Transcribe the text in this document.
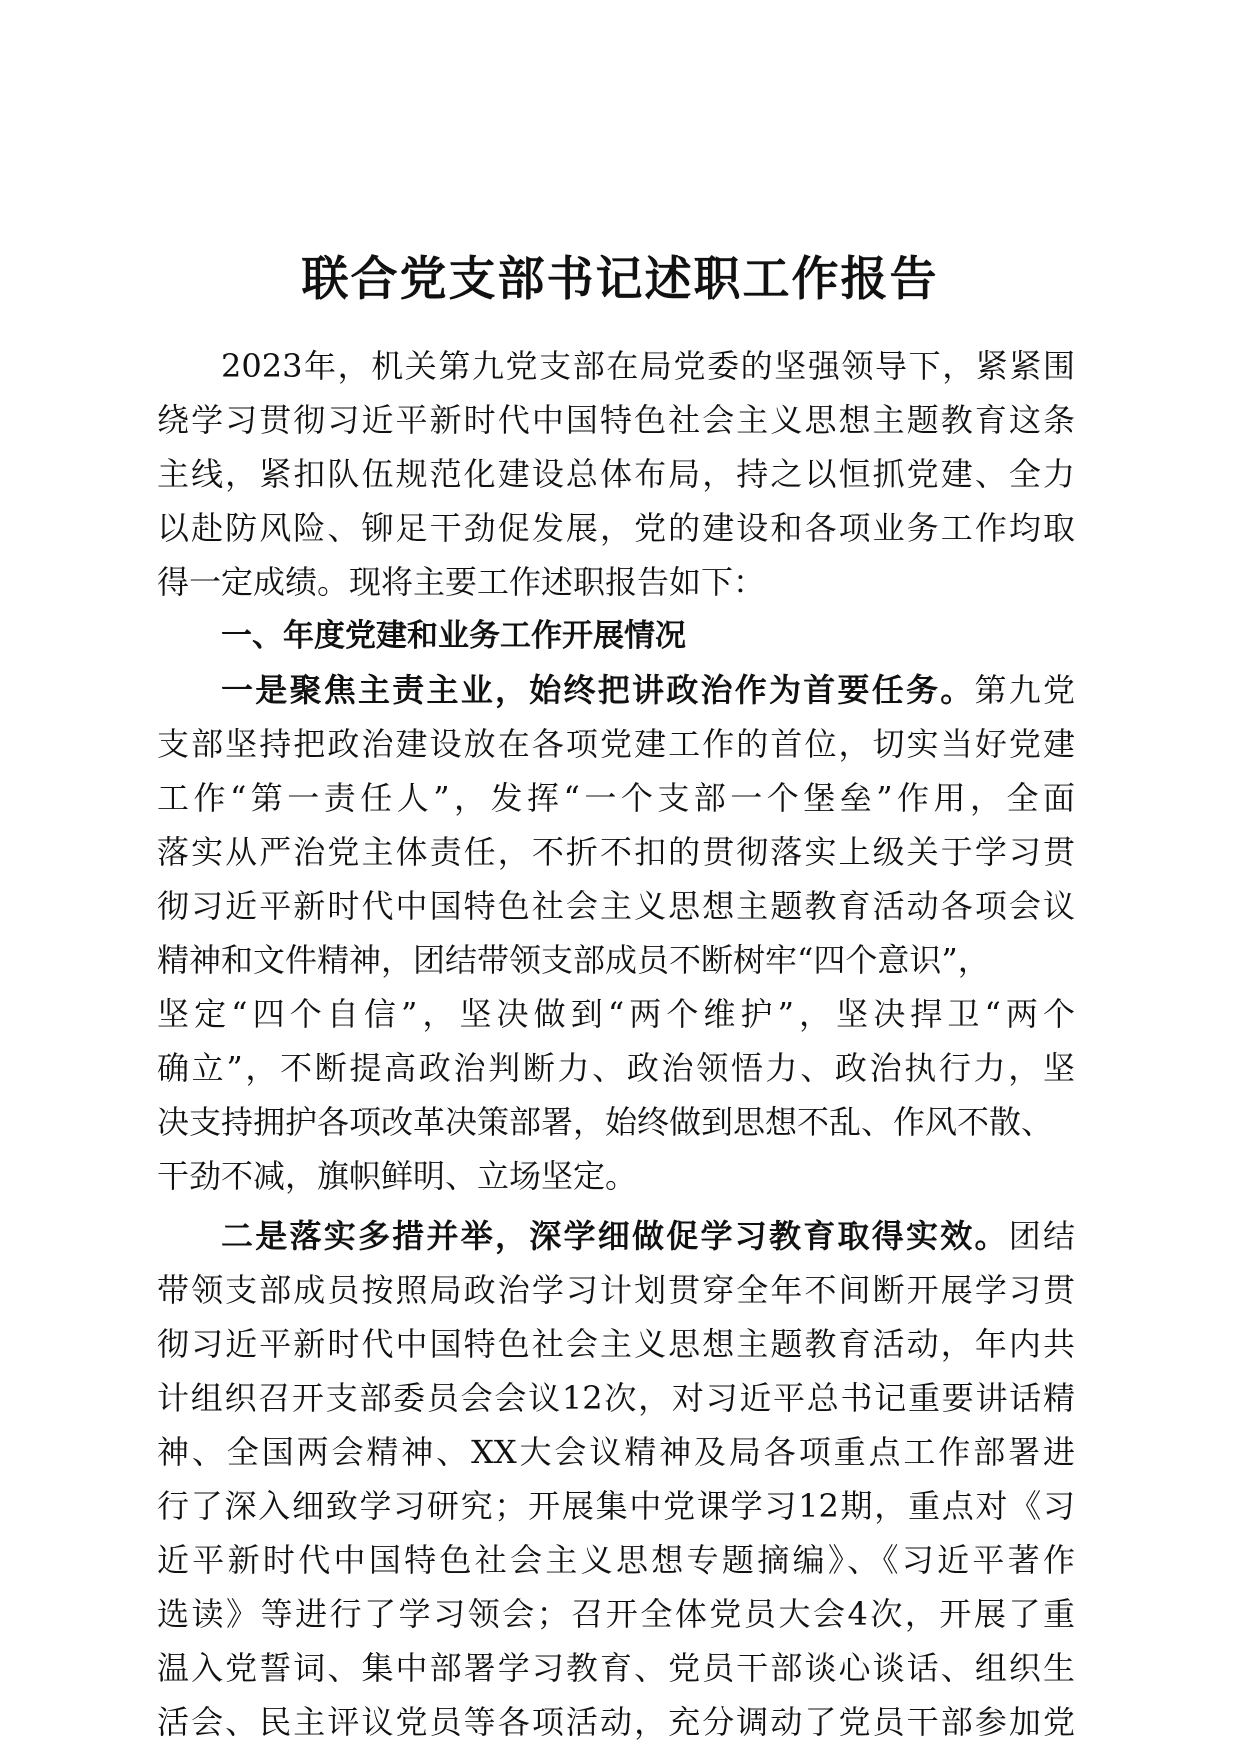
联合党支部书记述职工作报告
2023年，机关第九党支部在局党委的坚强领导下，紧紧围
绕学习贯彻习近平新时代中国特色社会主义思想主题教育这条
主线，紧扣队伍规范化建设总体布局，持之以恒抓党建、全力
以赴防风险、铆足干劲促发展，党的建设和各项业务工作均取
得一定成绩。现将主要工作述职报告如下：
一、年度党建和业务工作开展情况
一是聚焦主责主业，始终把讲政治作为首要任务。第九党
支部坚持把政治建设放在各项党建工作的首位，切实当好党建
工作“第一责任人”，发挥“一个支部一个堡垒”作用，全面
落实从严治党主体责任，不折不扣的贯彻落实上级关于学习贯
彻习近平新时代中国特色社会主义思想主题教育活动各项会议
精神和文件精神，团结带领支部成员不断树牢“四个意识”，
坚定“四个自信”，坚决做到“两个维护”，坚决捍卫“两个
确立”，不断提高政治判断力、政治领悟力、政治执行力，坚
决支持拥护各项改革决策部署，始终做到思想不乱、作风不散、
干劲不减，旗帜鲜明、立场坚定。
二是落实多措并举，深学细做促学习教育取得实效。团结
带领支部成员按照局政治学习计划贯穿全年不间断开展学习贯
彻习近平新时代中国特色社会主义思想主题教育活动，年内共
计组织召开支部委员会会议12次，对习近平总书记重要讲话精
神、全国两会精神、XX大会议精神及局各项重点工作部署进
行了深入细致学习研究；开展集中党课学习12期，重点对《习
近平新时代中国特色社会主义思想专题摘编》、《习近平著作
选读》等进行了学习领会；召开全体党员大会4次，开展了重
温入党誓词、集中部署学习教育、党员干部谈心谈话、组织生
活会、民主评议党员等各项活动，充分调动了党员干部参加党
